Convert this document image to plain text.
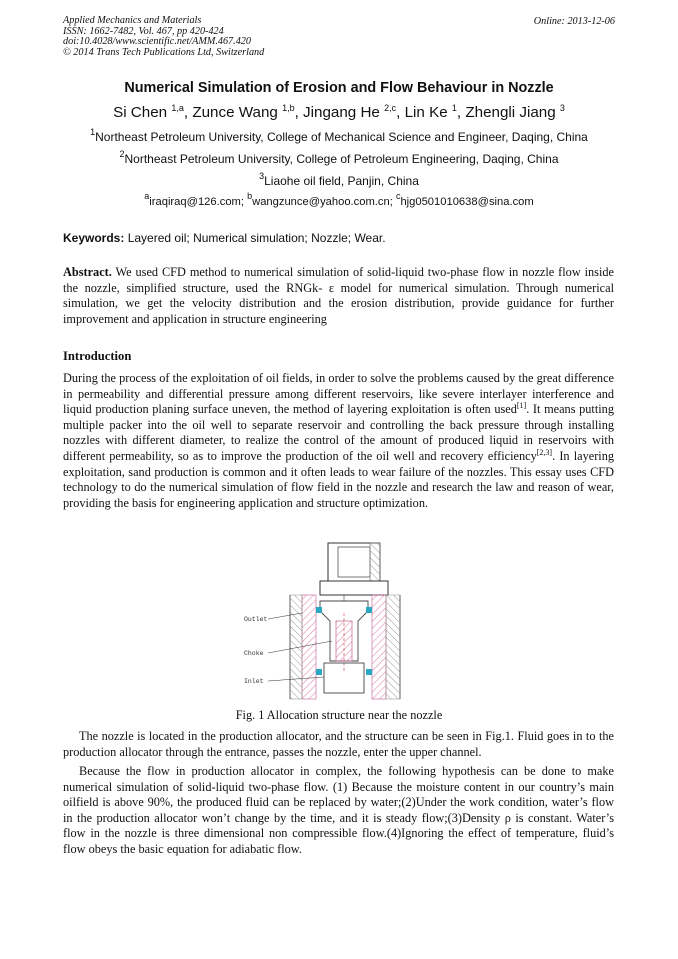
Applied Mechanics and Materials
ISSN: 1662-7482, Vol. 467, pp 420-424
doi:10.4028/www.scientific.net/AMM.467.420
© 2014 Trans Tech Publications Ltd, Switzerland
Online: 2013-12-06
Numerical Simulation of Erosion and Flow Behaviour in Nozzle
Si Chen $^{1,a}$, Zunce Wang $^{1,b}$, Jingang He $^{2,c}$, Lin Ke $^1$, Zhengli Jiang $^3$
$^1$Northeast Petroleum University, College of Mechanical Science and Engineer, Daqing, China
$^2$Northeast Petroleum University, College of Petroleum Engineering, Daqing, China
$^3$Liaohe oil field, Panjin, China
$^a$iraqiraq@126.com; $^b$wangzunce@yahoo.com.cn; $^c$hjg0501010638@sina.com
Keywords: Layered oil; Numerical simulation; Nozzle; Wear.
Abstract. We used CFD method to numerical simulation of solid-liquid two-phase flow in nozzle flow inside the nozzle, simplified structure, used the RNGk- ε model for numerical simulation. Through numerical simulation, we get the velocity distribution and the erosion distribution, provide guidance for further improvement and application in structure engineering
Introduction
During the process of the exploitation of oil fields, in order to solve the problems caused by the great difference in permeability and differential pressure among different reservoirs, like severe interlayer interference and liquid production planing surface uneven, the method of layering exploitation is often used[1]. It means putting multiple packer into the oil well to separate reservoir and controlling the back pressure through installing nozzles with different diameter, to realize the control of the amount of produced liquid in reservoirs with different permeability, so as to improve the production of the oil well and recovery efficiency[2,3]. In layering exploitation, sand production is common and it often leads to wear failure of the nozzles. This essay uses CFD technology to do the numerical simulation of flow field in the nozzle and research the law and reason of wear, providing the basis for engineering application and structure optimization.
Outlet
Choke
Inlet
Fig. 1 Allocation structure near the nozzle
The nozzle is located in the production allocator, and the structure can be seen in Fig.1. Fluid goes in to the production allocator through the entrance, passes the nozzle, enter the upper channel.
Because the flow in production allocator in complex, the following hypothesis can be done to make numerical simulation of solid-liquid two-phase flow. (1) Because the moisture content in our country’s main oilfield is above 90%, the produced fluid can be replaced by water;(2)Under the work condition, water’s flow in the production allocator won’t change by the time, and it is steady flow;(3)Density ρ is constant. Water’s flow in the nozzle is three dimensional non compressible flow.(4)Ignoring the effect of temperature, fluid’s flow obeys the basic equation for adiabatic flow.
